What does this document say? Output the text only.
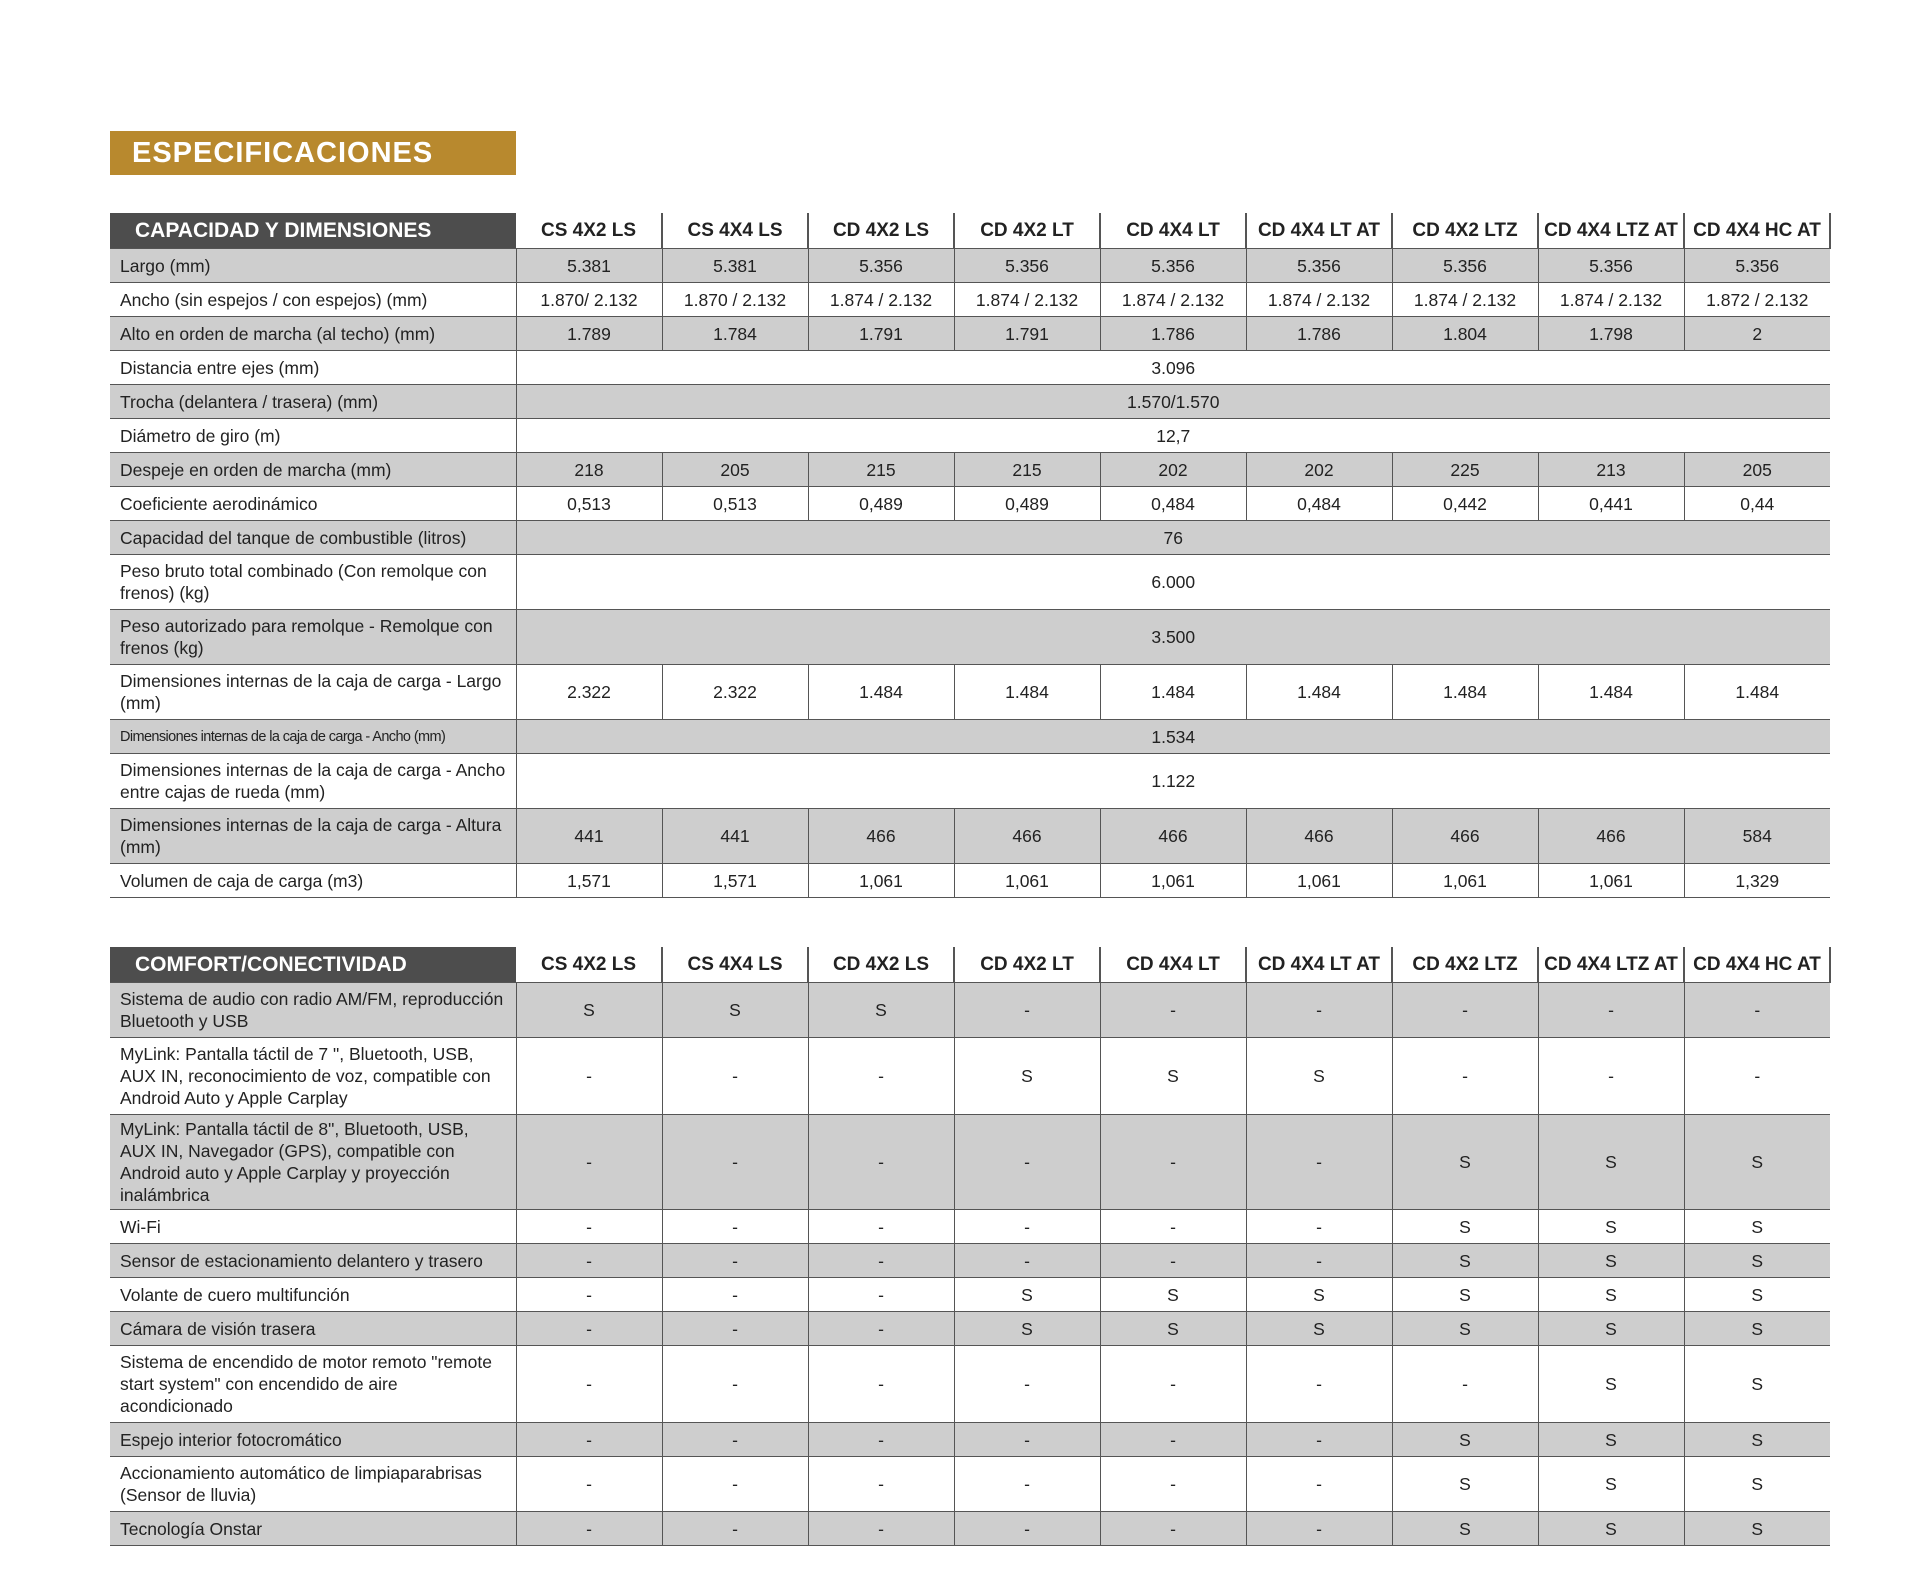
ESPECIFICACIONES
CAPACIDAD Y DIMENSIONES	CS 4X2 LS	CS 4X4 LS	CD 4X2 LS	CD 4X2 LT	CD 4X4 LT	CD 4X4 LT AT	CD 4X2 LTZ	CD 4X4 LTZ AT	CD 4X4 HC AT
Largo (mm)	5.381	5.381	5.356	5.356	5.356	5.356	5.356	5.356	5.356
Ancho (sin espejos / con espejos) (mm)	1.870/ 2.132	1.870 / 2.132	1.874 / 2.132	1.874 / 2.132	1.874 / 2.132	1.874 / 2.132	1.874 / 2.132	1.874 / 2.132	1.872 / 2.132
Alto en orden de marcha (al techo) (mm)	1.789	1.784	1.791	1.791	1.786	1.786	1.804	1.798	2
Distancia entre ejes (mm)	3.096								
Trocha (delantera / trasera) (mm)	1.570/1.570								
Diámetro de giro (m)	12,7								
Despeje en orden de marcha (mm)	218	205	215	215	202	202	225	213	205
Coeficiente aerodinámico	0,513	0,513	0,489	0,489	0,484	0,484	0,442	0,441	0,44
Capacidad del tanque de combustible (litros)	76								
Peso bruto total combinado (Con remolque con frenos) (kg)	6.000								
Peso autorizado para remolque - Remolque con frenos (kg)	3.500								
Dimensiones internas de la caja de carga - Largo (mm)	2.322	2.322	1.484	1.484	1.484	1.484	1.484	1.484	1.484
Dimensiones internas de la caja de carga - Ancho (mm)	1.534								
Dimensiones internas de la caja de carga - Ancho entre cajas de rueda (mm)	1.122								
Dimensiones internas de la caja de carga - Altura (mm)	441	441	466	466	466	466	466	466	584
Volumen de caja de carga (m3)	1,571	1,571	1,061	1,061	1,061	1,061	1,061	1,061	1,329
COMFORT/CONECTIVIDAD	CS 4X2 LS	CS 4X4 LS	CD 4X2 LS	CD 4X2 LT	CD 4X4 LT	CD 4X4 LT AT	CD 4X2 LTZ	CD 4X4 LTZ AT	CD 4X4 HC AT
Sistema de audio con radio AM/FM, reproducción Bluetooth y USB	S	S	S	-	-	-	-	-	-
MyLink: Pantalla táctil de 7 ", Bluetooth, USB, AUX IN, reconocimiento de voz, compatible con Android Auto y Apple Carplay	-	-	-	S	S	S	-	-	-
MyLink: Pantalla táctil de 8", Bluetooth, USB, AUX IN, Navegador (GPS), compatible con Android auto y Apple Carplay y proyección inalámbrica	-	-	-	-	-	-	S	S	S
Wi-Fi	-	-	-	-	-	-	S	S	S
Sensor de estacionamiento delantero y trasero	-	-	-	-	-	-	S	S	S
Volante de cuero multifunción	-	-	-	S	S	S	S	S	S
Cámara de visión trasera	-	-	-	S	S	S	S	S	S
Sistema de encendido de motor remoto "remote start system" con encendido de aire acondicionado	-	-	-	-	-	-	-	S	S
Espejo interior fotocromático	-	-	-	-	-	-	S	S	S
Accionamiento automático de limpiaparabrisas (Sensor de lluvia)	-	-	-	-	-	-	S	S	S
Tecnología Onstar	-	-	-	-	-	-	S	S	S
